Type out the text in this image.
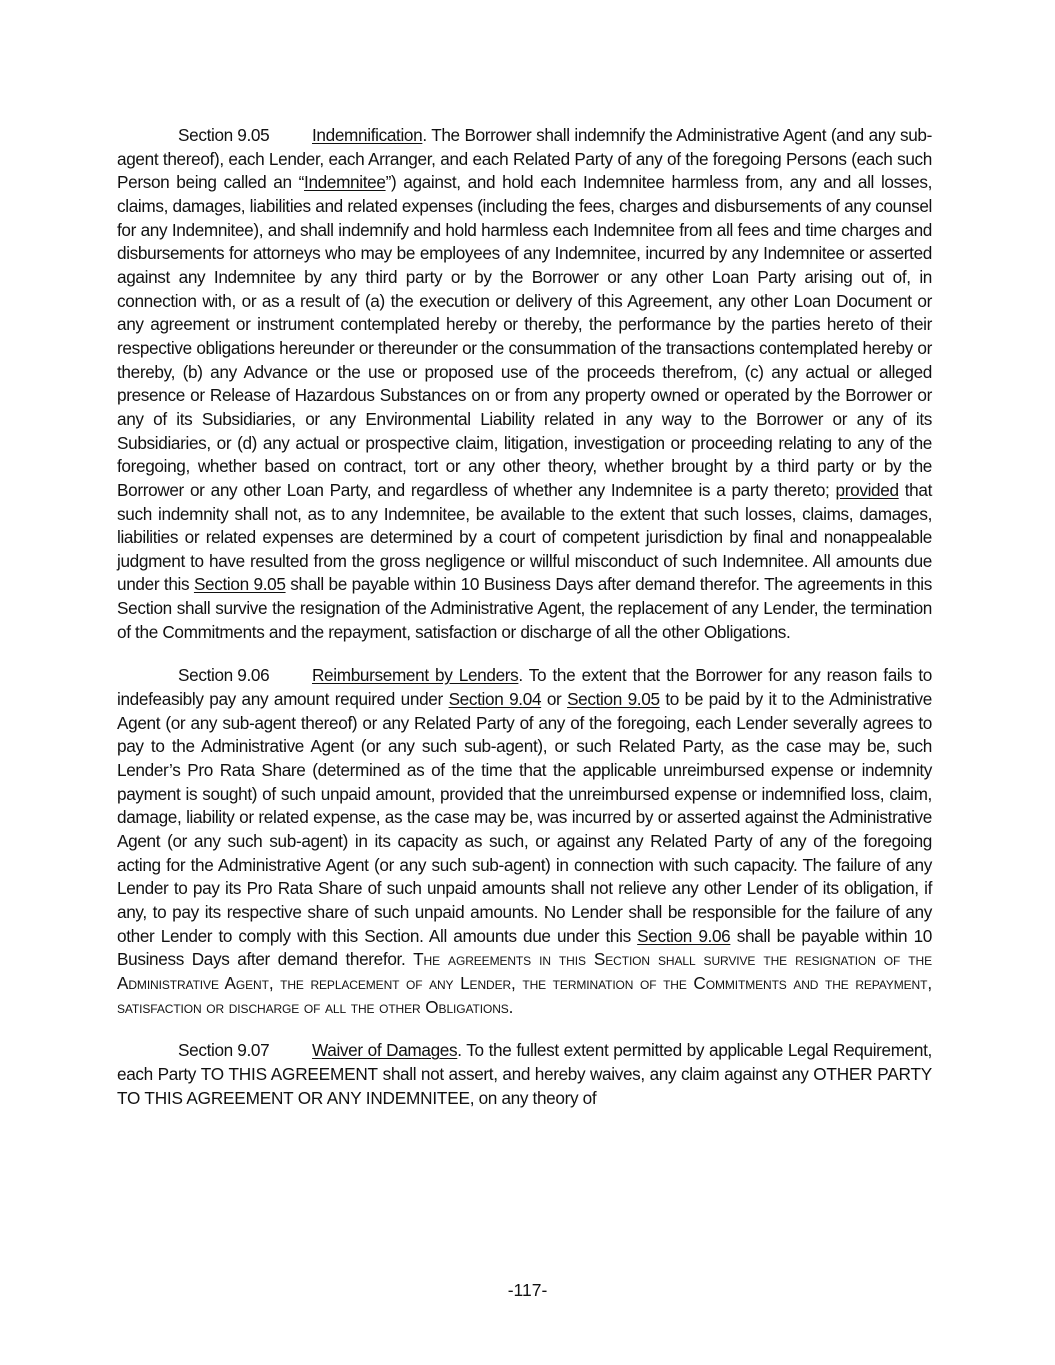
Section 9.05 Indemnification. The Borrower shall indemnify the Administrative Agent (and any sub-agent thereof), each Lender, each Arranger, and each Related Party of any of the foregoing Persons (each such Person being called an “Indemnitee”) against, and hold each Indemnitee harmless from, any and all losses, claims, damages, liabilities and related expenses (including the fees, charges and disbursements of any counsel for any Indemnitee), and shall indemnify and hold harmless each Indemnitee from all fees and time charges and disbursements for attorneys who may be employees of any Indemnitee, incurred by any Indemnitee or asserted against any Indemnitee by any third party or by the Borrower or any other Loan Party arising out of, in connection with, or as a result of (a) the execution or delivery of this Agreement, any other Loan Document or any agreement or instrument contemplated hereby or thereby, the performance by the parties hereto of their respective obligations hereunder or thereunder or the consummation of the transactions contemplated hereby or thereby, (b) any Advance or the use or proposed use of the proceeds therefrom, (c) any actual or alleged presence or Release of Hazardous Substances on or from any property owned or operated by the Borrower or any of its Subsidiaries, or any Environmental Liability related in any way to the Borrower or any of its Subsidiaries, or (d) any actual or prospective claim, litigation, investigation or proceeding relating to any of the foregoing, whether based on contract, tort or any other theory, whether brought by a third party or by the Borrower or any other Loan Party, and regardless of whether any Indemnitee is a party thereto; provided that such indemnity shall not, as to any Indemnitee, be available to the extent that such losses, claims, damages, liabilities or related expenses are determined by a court of competent jurisdiction by final and nonappealable judgment to have resulted from the gross negligence or willful misconduct of such Indemnitee. All amounts due under this Section 9.05 shall be payable within 10 Business Days after demand therefor. The agreements in this Section shall survive the resignation of the Administrative Agent, the replacement of any Lender, the termination of the Commitments and the repayment, satisfaction or discharge of all the other Obligations.

Section 9.06 Reimbursement by Lenders. To the extent that the Borrower for any reason fails to indefeasibly pay any amount required under Section 9.04 or Section 9.05 to be paid by it to the Administrative Agent (or any sub-agent thereof) or any Related Party of any of the foregoing, each Lender severally agrees to pay to the Administrative Agent (or any such sub-agent), or such Related Party, as the case may be, such Lender’s Pro Rata Share (determined as of the time that the applicable unreimbursed expense or indemnity payment is sought) of such unpaid amount, provided that the unreimbursed expense or indemnified loss, claim, damage, liability or related expense, as the case may be, was incurred by or asserted against the Administrative Agent (or any such sub-agent) in its capacity as such, or against any Related Party of any of the foregoing acting for the Administrative Agent (or any such sub-agent) in connection with such capacity. The failure of any Lender to pay its Pro Rata Share of such unpaid amounts shall not relieve any other Lender of its obligation, if any, to pay its respective share of such unpaid amounts. No Lender shall be responsible for the failure of any other Lender to comply with this Section. All amounts due under this Section 9.06 shall be payable within 10 Business Days after demand therefor. The agreements in this Section shall survive the resignation of the Administrative Agent, the replacement of any Lender, the termination of the Commitments and the repayment, satisfaction or discharge of all the other Obligations.

Section 9.07 Waiver of Damages. To the fullest extent permitted by applicable Legal Requirement, each Party TO THIS AGREEMENT shall not assert, and hereby waives, any claim against any OTHER PARTY TO THIS AGREEMENT OR ANY INDEMNITEE, on any theory of

-117-
